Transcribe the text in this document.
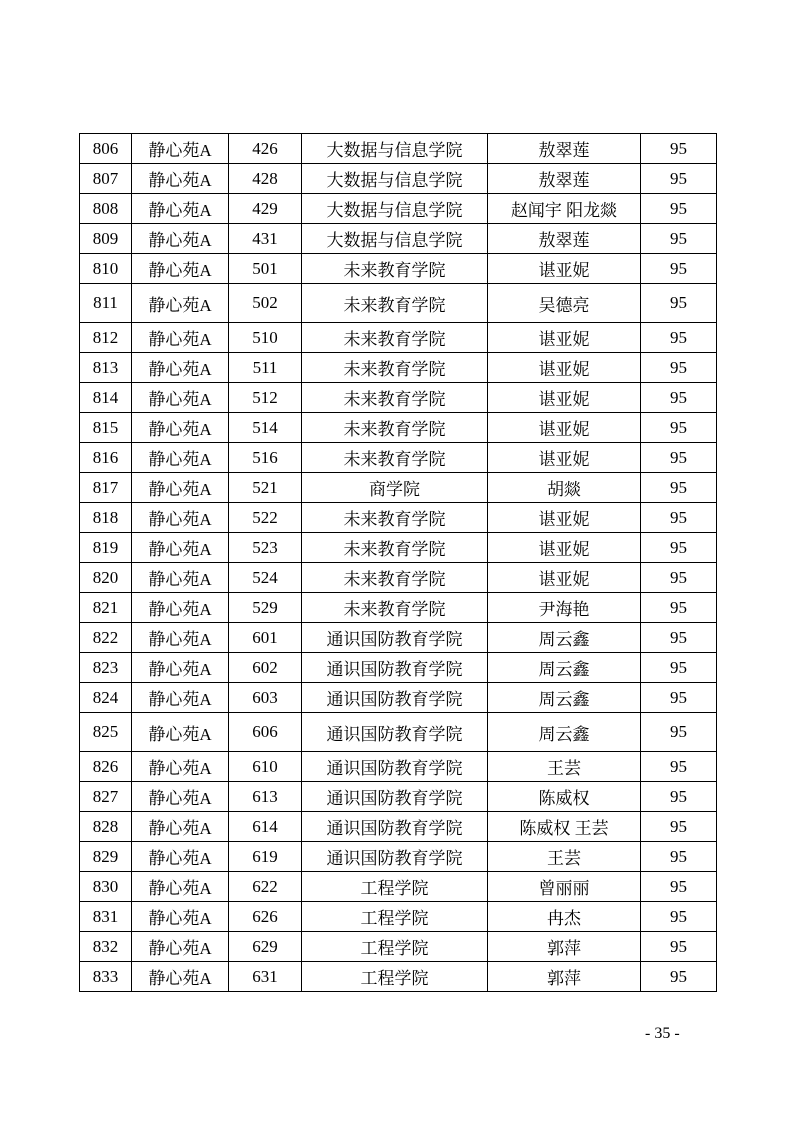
806	静心苑A	426	大数据与信息学院	敖翠莲	95
807	静心苑A	428	大数据与信息学院	敖翠莲	95
808	静心苑A	429	大数据与信息学院	赵闻宇 阳龙燚	95
809	静心苑A	431	大数据与信息学院	敖翠莲	95
810	静心苑A	501	未来教育学院	谌亚妮	95
811	静心苑A	502	未来教育学院	吴德亮	95
812	静心苑A	510	未来教育学院	谌亚妮	95
813	静心苑A	511	未来教育学院	谌亚妮	95
814	静心苑A	512	未来教育学院	谌亚妮	95
815	静心苑A	514	未来教育学院	谌亚妮	95
816	静心苑A	516	未来教育学院	谌亚妮	95
817	静心苑A	521	商学院	胡燚	95
818	静心苑A	522	未来教育学院	谌亚妮	95
819	静心苑A	523	未来教育学院	谌亚妮	95
820	静心苑A	524	未来教育学院	谌亚妮	95
821	静心苑A	529	未来教育学院	尹海艳	95
822	静心苑A	601	通识国防教育学院	周云鑫	95
823	静心苑A	602	通识国防教育学院	周云鑫	95
824	静心苑A	603	通识国防教育学院	周云鑫	95
825	静心苑A	606	通识国防教育学院	周云鑫	95
826	静心苑A	610	通识国防教育学院	王芸	95
827	静心苑A	613	通识国防教育学院	陈威权	95
828	静心苑A	614	通识国防教育学院	陈威权 王芸	95
829	静心苑A	619	通识国防教育学院	王芸	95
830	静心苑A	622	工程学院	曾丽丽	95
831	静心苑A	626	工程学院	冉杰	95
832	静心苑A	629	工程学院	郭萍	95
833	静心苑A	631	工程学院	郭萍	95
- 35 -
